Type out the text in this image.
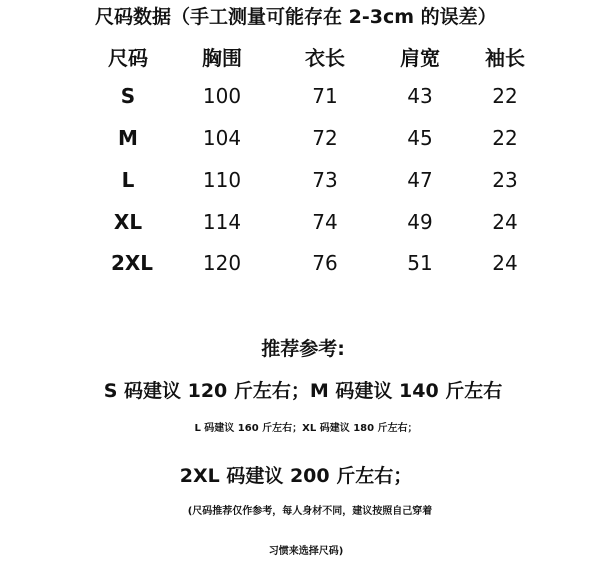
尺码数据（手工测量可能存在 2-3cm 的误差）
尺码	胸围	衣长	肩宽 袖长
S	100	71	43	22
M	104	72	45	22
L	110	73	47	23
XL	114	74	49	24
2XL 120	76	51	24
推荐参考:
S 码建议 120 斤左右；M 码建议 140 斤左右
L 码建议 160 斤左右；XL 码建议 180 斤左右；
2XL 码建议 200 斤左右；
(尺码推荐仅作参考，每人身材不同，建议按照自己穿着
习惯来选择尺码)
